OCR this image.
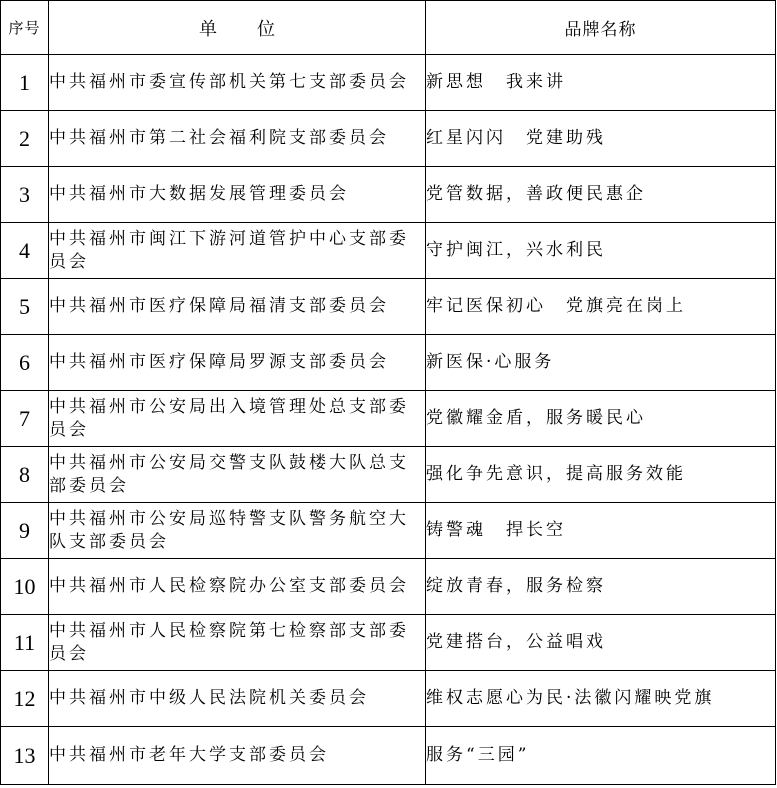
序号	单位	品牌名称
1	中共福州市委宣传部机关第七支部委员会	新思想　我来讲
2	中共福州市第二社会福利院支部委员会	红星闪闪　党建助残
3	中共福州市大数据发展管理委员会	党管数据，善政便民惠企
4	中共福州市闽江下游河道管护中心支部委员会	守护闽江，兴水利民
5	中共福州市医疗保障局福清支部委员会	牢记医保初心　党旗亮在岗上
6	中共福州市医疗保障局罗源支部委员会	新医保·心服务
7	中共福州市公安局出入境管理处总支部委员会	党徽耀金盾，服务暖民心
8	中共福州市公安局交警支队鼓楼大队总支部委员会	强化争先意识，提高服务效能
9	中共福州市公安局巡特警支队警务航空大队支部委员会	铸警魂　捍长空
10	中共福州市人民检察院办公室支部委员会	绽放青春，服务检察
11	中共福州市人民检察院第七检察部支部委员会	党建搭台，公益唱戏
12	中共福州市中级人民法院机关委员会	维权志愿心为民·法徽闪耀映党旗
13	中共福州市老年大学支部委员会	服务“三园”
